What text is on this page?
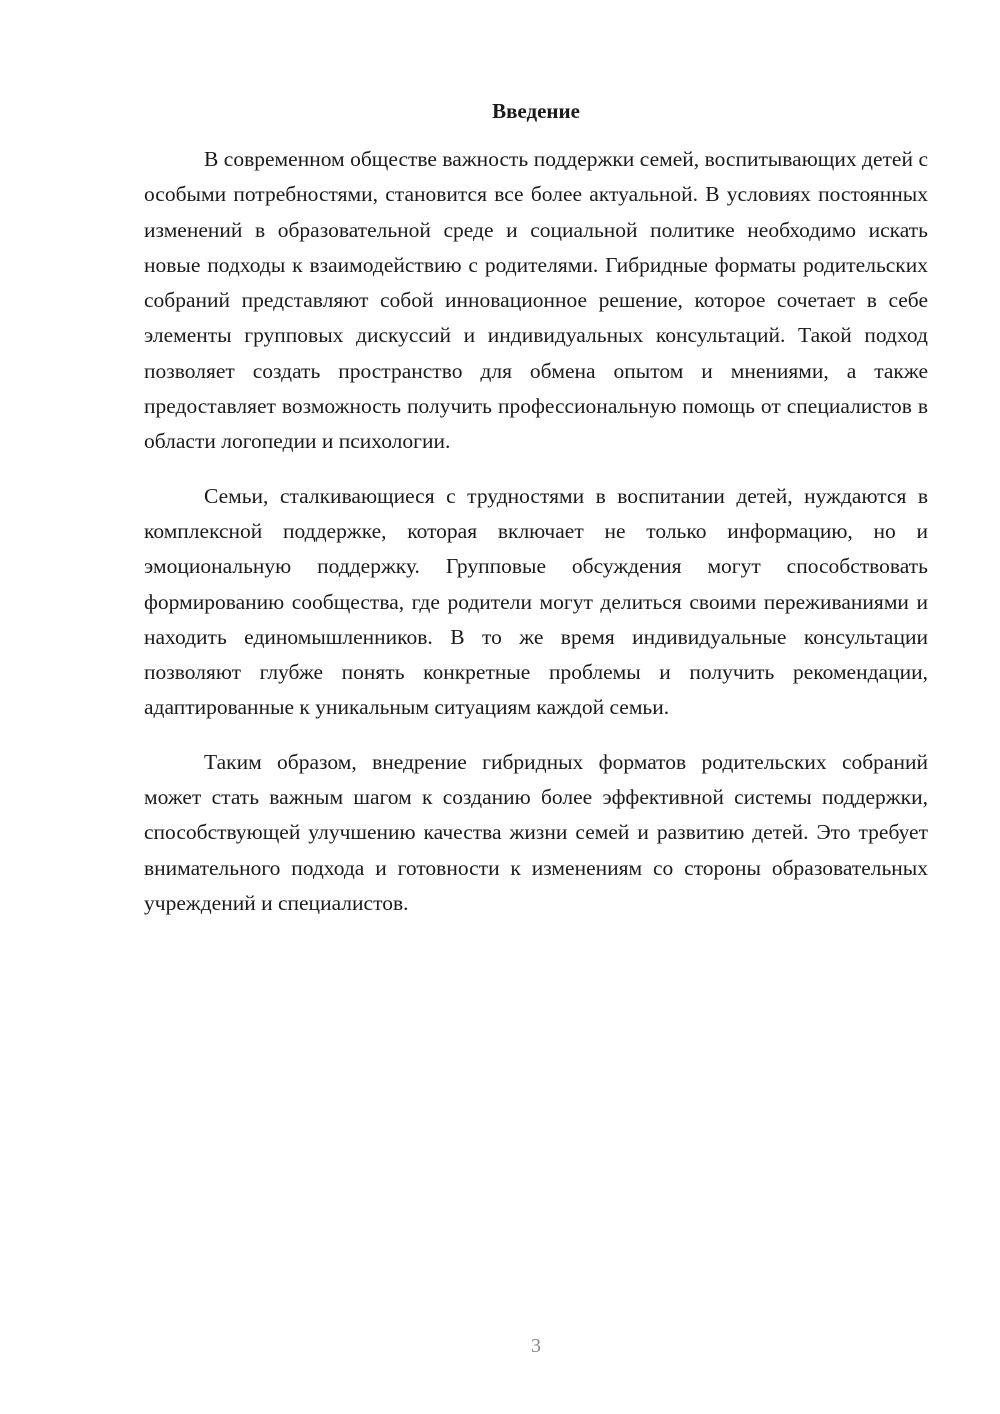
Введение

В современном обществе важность поддержки семей, воспитывающих детей с особыми потребностями, становится все более актуальной. В условиях постоянных изменений в образовательной среде и социальной политике необходимо искать новые подходы к взаимодействию с родителями. Гибридные форматы родительских собраний представляют собой инновационное решение, которое сочетает в себе элементы групповых дискуссий и индивидуальных консультаций. Такой подход позволяет создать пространство для обмена опытом и мнениями, а также предоставляет возможность получить профессиональную помощь от специалистов в области логопедии и психологии.

Семьи, сталкивающиеся с трудностями в воспитании детей, нуждаются в комплексной поддержке, которая включает не только информацию, но и эмоциональную поддержку. Групповые обсуждения могут способствовать формированию сообщества, где родители могут делиться своими переживаниями и находить единомышленников. В то же время индивидуальные консультации позволяют глубже понять конкретные проблемы и получить рекомендации, адаптированные к уникальным ситуациям каждой семьи.

Таким образом, внедрение гибридных форматов родительских собраний может стать важным шагом к созданию более эффективной системы поддержки, способствующей улучшению качества жизни семей и развитию детей. Это требует внимательного подхода и готовности к изменениям со стороны образовательных учреждений и специалистов.

3
